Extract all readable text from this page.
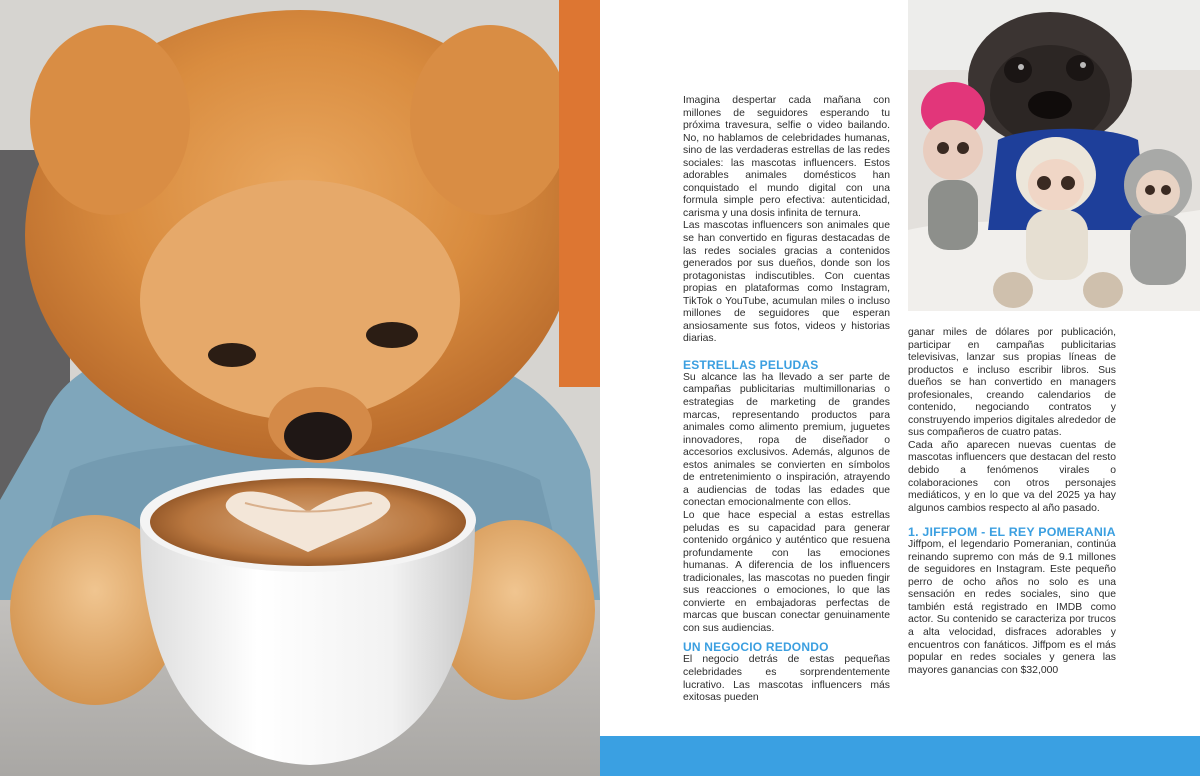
Imagina despertar cada mañana con millones de seguidores esperando tu próxima travesura, selfie o video bailando. No, no hablamos de celebridades humanas, sino de las verdaderas estrellas de las redes sociales: las mascotas influencers. Estos adorables animales domésticos han conquistado el mundo digital con una formula simple pero efectiva: autenticidad, carisma y una dosis infinita de ternura.

Las mascotas influencers son animales que se han convertido en figuras destacadas de las redes sociales gracias a contenidos generados por sus dueños, donde son los protagonistas indiscutibles. Con cuentas propias en plataformas como Instagram, TikTok o YouTube, acumulan miles o incluso millones de seguidores que esperan ansiosamente sus fotos, videos y historias diarias.

ESTRELLAS PELUDAS

Su alcance las ha llevado a ser parte de campañas publicitarias multimillonarias o estrategias de marketing de grandes marcas, representando productos para animales como alimento premium, juguetes innovadores, ropa de diseñador o accesorios exclusivos. Además, algunos de estos animales se convierten en símbolos de entretenimiento o inspiración, atrayendo a audiencias de todas las edades que conectan emocionalmente con ellos.

Lo que hace especial a estas estrellas peludas es su capacidad para generar contenido orgánico y auténtico que resuena profundamente con las emociones humanas. A diferencia de los influencers tradicionales, las mascotas no pueden fingir sus reacciones o emociones, lo que las convierte en embajadoras perfectas de marcas que buscan conectar genuinamente con sus audiencias.

UN NEGOCIO REDONDO

El negocio detrás de estas pequeñas celebridades es sorprendentemente lucrativo. Las mascotas influencers más exitosas pueden

ganar miles de dólares por publicación, participar en campañas publicitarias televisivas, lanzar sus propias líneas de productos e incluso escribir libros. Sus dueños se han convertido en managers profesionales, creando calendarios de contenido, negociando contratos y construyendo imperios digitales alrededor de sus compañeros de cuatro patas.

Cada año aparecen nuevas cuentas de mascotas influencers que destacan del resto debido a fenómenos virales o colaboraciones con otros personajes mediáticos, y en lo que va del 2025 ya hay algunos cambios respecto al año pasado.

1. JIFFPOM - EL REY POMERANIA

Jiffpom, el legendario Pomeranian, continúa reinando supremo con más de 9.1 millones de seguidores en Instagram. Este pequeño perro de ocho años no solo es una sensación en redes sociales, sino que también está registrado en IMDB como actor. Su contenido se caracteriza por trucos a alta velocidad, disfraces adorables y encuentros con fanáticos. Jiffpom es el más popular en redes sociales y genera las mayores ganancias con $32,000
